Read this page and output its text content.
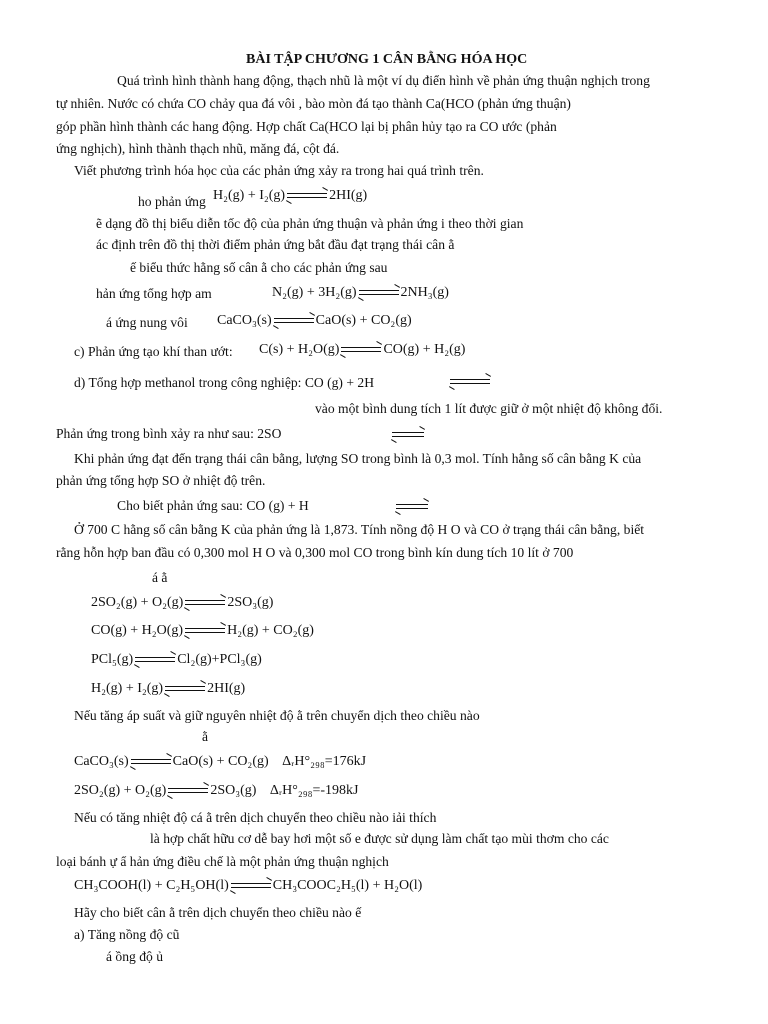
BÀI TẬP CHƯƠNG 1 CÂN BẰNG HÓA HỌC
Quá trình hình thành hang động, thạch nhũ là một ví dụ điển hình về phản ứng thuận nghịch trong
tự nhiên. Nước có chứa CO chảy qua đá vôi , bào mòn đá tạo thành Ca(HCO (phản ứng thuận)
góp phần hình thành các hang động. Hợp chất Ca(HCO lại bị phân hủy tạo ra CO ước (phản
ứng nghịch), hình thành thạch nhũ, măng đá, cột đá.
Viết phương trình hóa học của các phản ứng xảy ra trong hai quá trình trên.
ho phản ứng H₂(g) + I₂(g) → 2HI(g)
ẽ dạng đồ thị biểu diễn tốc độ của phản ứng thuận và phản ứng i theo thời gian
ác định trên đồ thị thời điểm phản ứng bắt đầu đạt trạng thái cân ằ
ế biểu thức hằng số cân ằ cho các phản ứng sau
hản ứng tổng hợp am	N₂(g) + 3H₂(g) → 2NH₃(g)
á ứng nung vôi CaCO₃(s) → CaO(s) + CO₂(g)
c) Phản ứng tạo khí than ướt: C(s) + H₂O(g) → CO(g) + H₂(g)
d) Tổng hợp methanol trong công nghiệp: CO (g) + 2H
vào một bình dung tích 1 lít được giữ ở một nhiệt độ không đổi.
Phản ứng trong bình xảy ra như sau: 2SO
Khi phản ứng đạt đến trạng thái cân bằng, lượng SO trong bình là 0,3 mol. Tính hằng số cân bằng K của
phản ứng tổng hợp SO ở nhiệt độ trên.
Cho biết phản ứng sau: CO (g) + H
Ở 700 C hằng số cân bằng K của phản ứng là 1,873. Tính nồng độ H O và CO ở trạng thái cân bằng, biết
rằng hỗn hợp ban đầu có 0,300 mol H O và 0,300 mol CO trong bình kín dung tích 10 lít ở 700
á ằ
2SO₂(g) + O₂(g) → 2SO₃(g)
CO(g) + H₂O(g) → H₂(g) + CO₂(g)
PCl₅(g) → Cl₂(g)+PCl₃(g)
H₂(g) + I₂(g) → 2HI(g)
Nếu tăng áp suất và giữ nguyên nhiệt độ ằ trên chuyển dịch theo chiều nào
ằ
CaCO₃(s) → CaO(s) + CO₂(g) ΔᵣH°₂₉₈=176kJ
2SO₂(g) + O₂(g) → 2SO₃(g) ΔᵣH°₂₉₈=-198kJ
Nếu có tăng nhiệt độ cá ằ trên dịch chuyển theo chiều nào iải thích
là hợp chất hữu cơ dễ bay hơi một số e được sử dụng làm chất tạo mùi thơm cho các
loại bánh ự ẩ hản ứng điều chế là một phản ứng thuận nghịch
CH₃COOH(l) + C₂H₅OH(l) → CH₃COOC₂H₅(l) + H₂O(l)
Hãy cho biết cân ằ trên dịch chuyển theo chiều nào ế
a) Tăng nồng độ cũ
á ồng độ ủ
